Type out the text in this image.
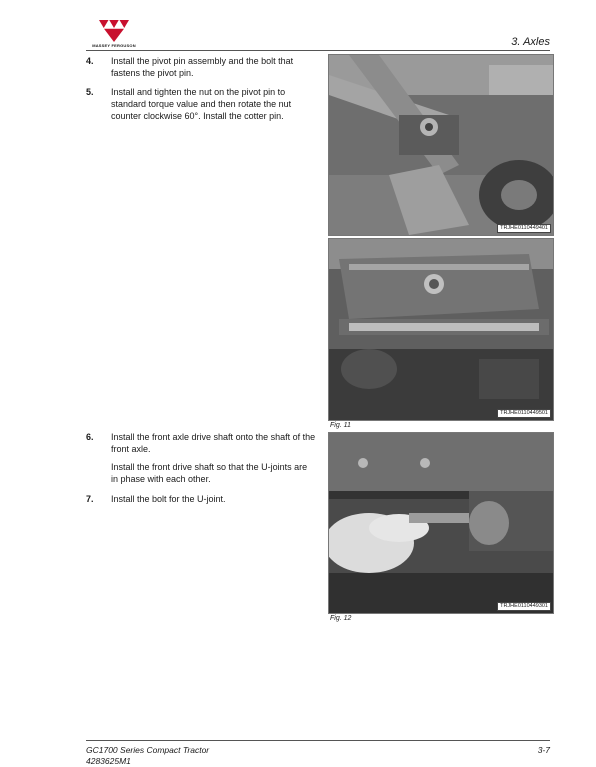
MASSEY FERGUSON	3. Axles
4. Install the pivot pin assembly and the bolt that fastens the pivot pin.

5. Install and tighten the nut on the pivot pin to standard torque value and then rotate the nut counter clockwise 60°. Install the cotter pin.

6. Install the front axle drive shaft onto the shaft of the front axle.

Install the front drive shaft so that the U-joints are in phase with each other.

7. Install the bolt for the U-joint.

TRJHE0110449401
TRJHE0110449501
Fig. 11
TRJHE0110449301
Fig. 12
GC1700 Series Compact Tractor
4283625M1
3-7
